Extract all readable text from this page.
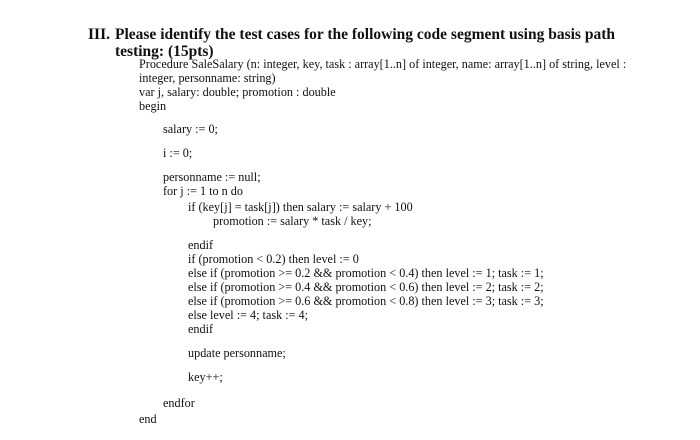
III. Please identify the test cases for the following code segment using basis path
testing: (15pts)
Procedure SaleSalary (n: integer, key, task : array[1..n] of integer, name: array[1..n] of string, level :
integer, personname: string)
var j, salary: double; promotion : double
begin
salary := 0;
i := 0;
personname := null;
for j := 1 to n do
if (key[j] = task[j]) then salary := salary + 100
promotion := salary * task / key;
endif
if (promotion < 0.2) then level := 0
else if (promotion >= 0.2 && promotion < 0.4) then level := 1; task := 1;
else if (promotion >= 0.4 && promotion < 0.6) then level := 2; task := 2;
else if (promotion >= 0.6 && promotion < 0.8) then level := 3; task := 3;
else level := 4; task := 4;
endif
update personname;
key++;
endfor
end
